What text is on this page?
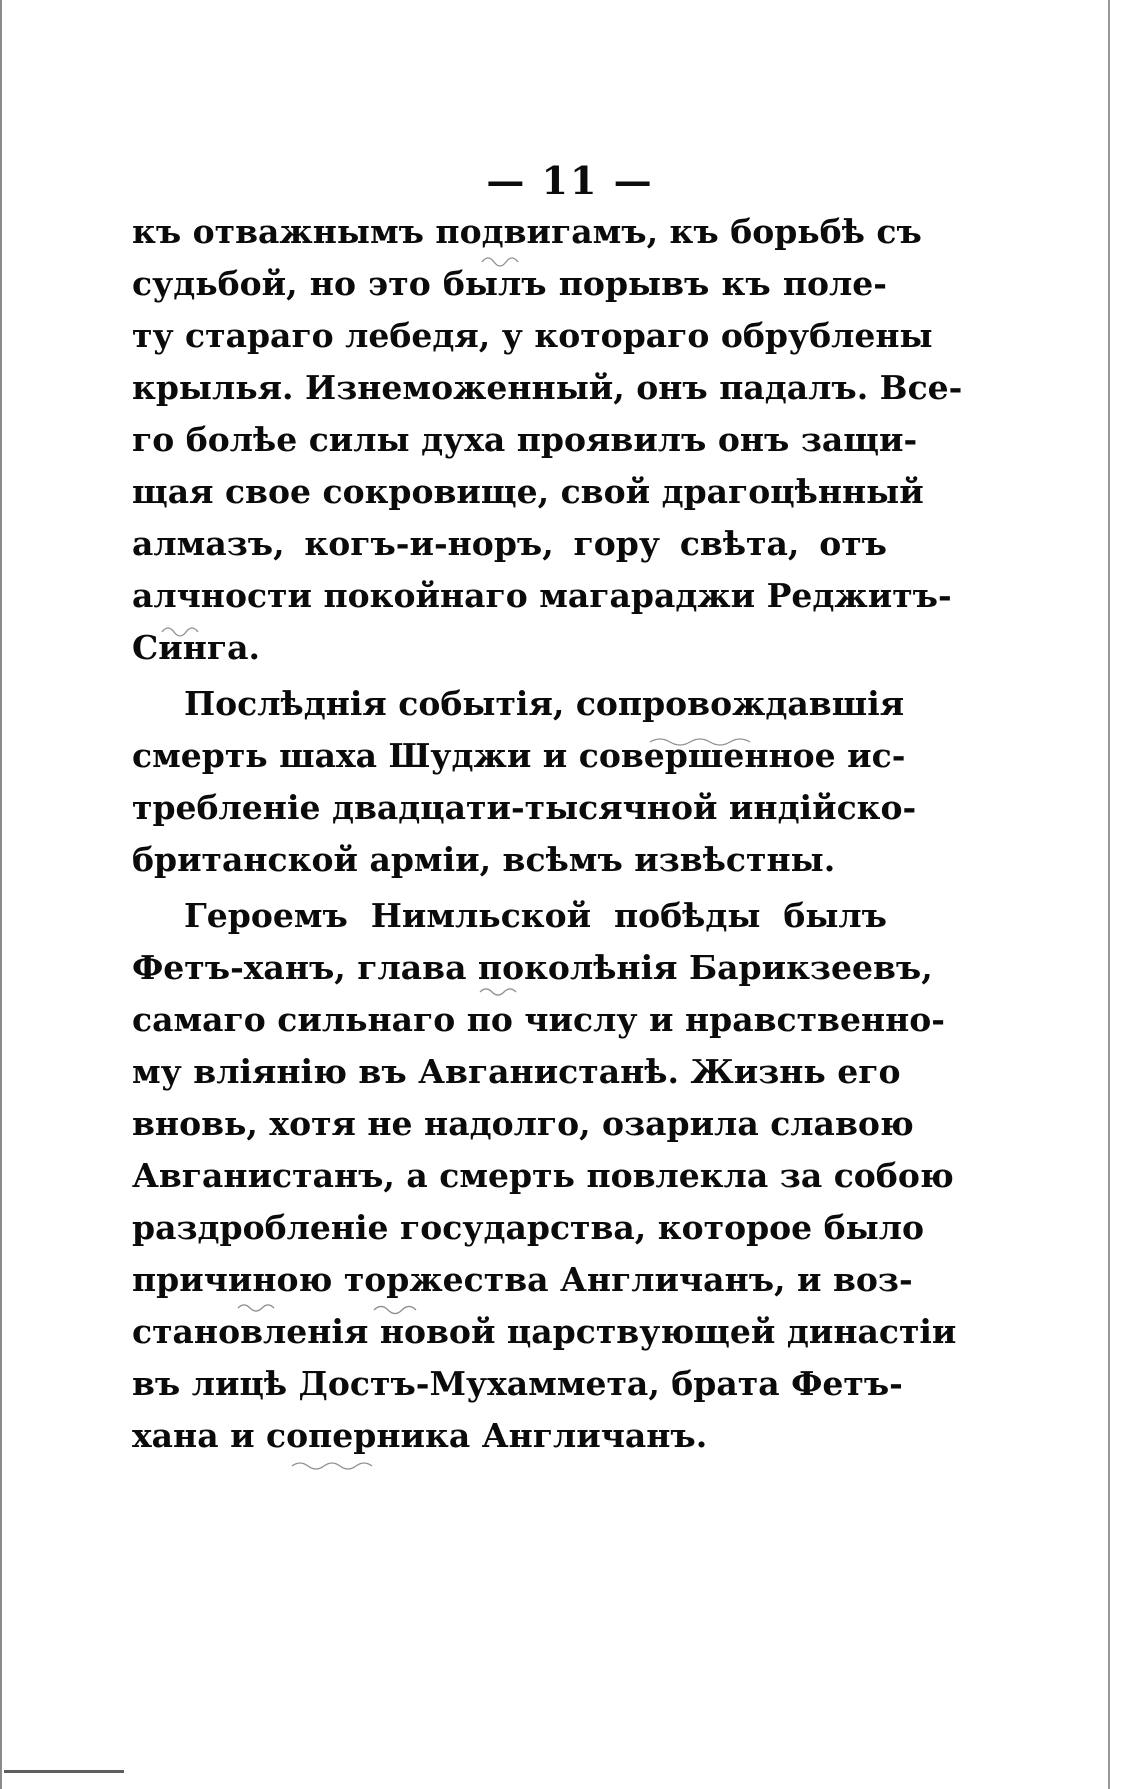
— 11 —
къ отважнымъ подвигамъ, къ борьбѣ съ
судьбой, но это былъ порывъ къ поле-
ту стараго лебедя, у котораго обрублены
крылья. Изнеможенный, онъ падалъ. Все-
го болѣе силы духа проявилъ онъ защи-
щая свое сокровище, свой драгоцѣнный
алмазъ, когъ-и-норъ, гору свѣта, отъ
алчности покойнаго магараджи Реджитъ-
Синга.
Послѣднія событія, сопровождавшія
смерть шаха Шуджи и совершенное ис-
требленіе двадцати-тысячной индійско-
британской арміи, всѣмъ извѣстны.
Героемъ Нимльской побѣды былъ
Фетъ-ханъ, глава поколѣнія Барикзеевъ,
самаго сильнаго по числу и нравственно-
му вліянію въ Авганистанѣ. Жизнь его
вновь, хотя не надолго, озарила славою
Авганистанъ, а смерть повлекла за собою
раздробленіе государства, которое было
причиною торжества Англичанъ, и воз-
становленія новой царствующей династіи
въ лицѣ Достъ-Мухаммета, брата Фетъ-
хана и соперника Англичанъ.
